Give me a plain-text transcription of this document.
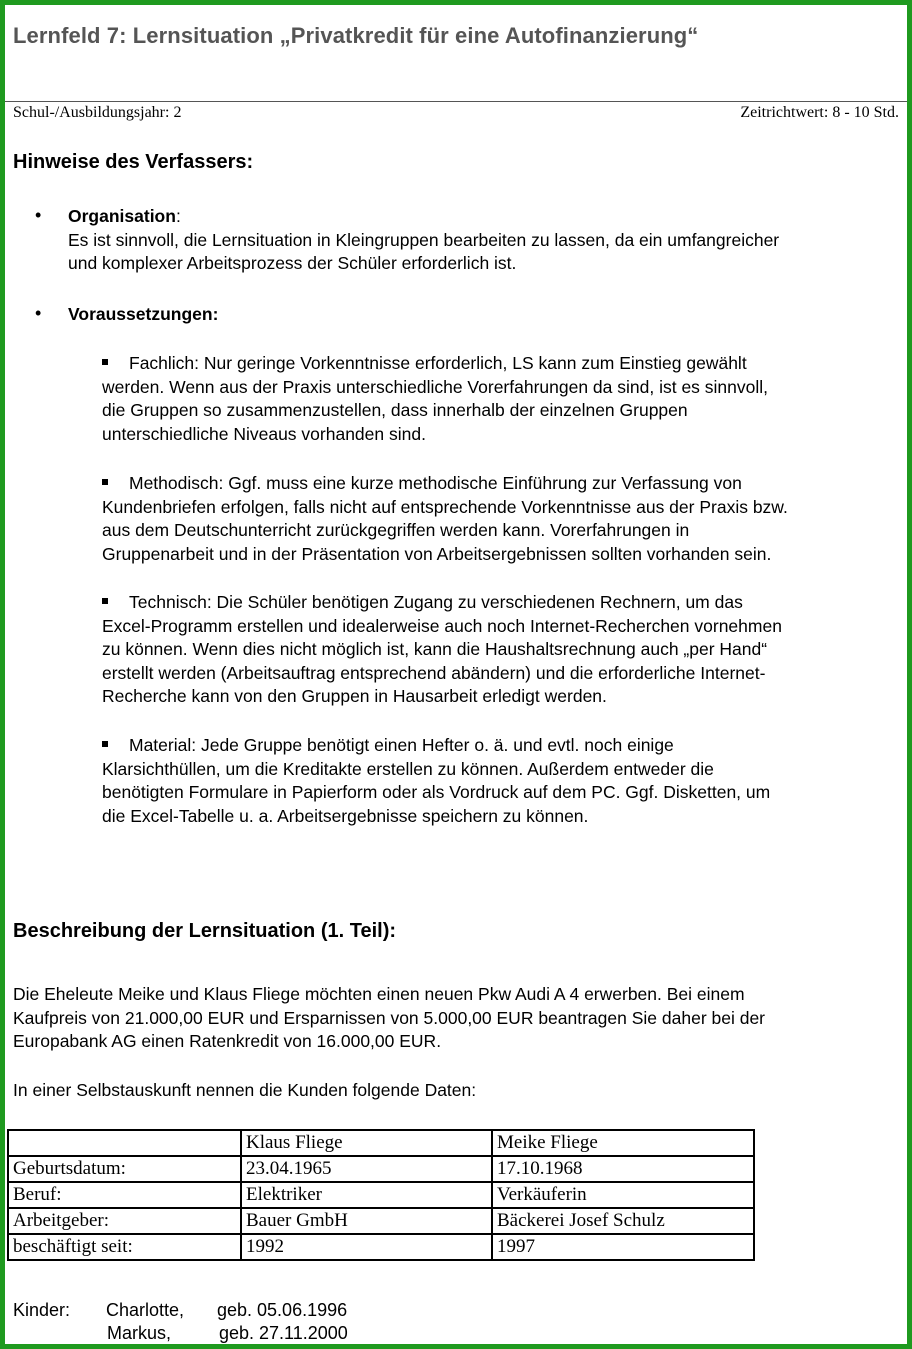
Lernfeld 7: Lernsituation „Privatkredit für eine Autofinanzierung“
Schul-/Ausbildungsjahr: 2	Zeitrichtwert: 8 - 10 Std.
Hinweise des Verfassers:
• Organisation:
Es ist sinnvoll, die Lernsituation in Kleingruppen bearbeiten zu lassen, da ein umfangreicher
und komplexer Arbeitsprozess der Schüler erforderlich ist.
• Voraussetzungen:
Fachlich: Nur geringe Vorkenntnisse erforderlich, LS kann zum Einstieg gewählt
werden. Wenn aus der Praxis unterschiedliche Vorerfahrungen da sind, ist es sinnvoll,
die Gruppen so zusammenzustellen, dass innerhalb der einzelnen Gruppen
unterschiedliche Niveaus vorhanden sind.
Methodisch: Ggf. muss eine kurze methodische Einführung zur Verfassung von
Kundenbriefen erfolgen, falls nicht auf entsprechende Vorkenntnisse aus der Praxis bzw.
aus dem Deutschunterricht zurückgegriffen werden kann. Vorerfahrungen in
Gruppenarbeit und in der Präsentation von Arbeitsergebnissen sollten vorhanden sein.
Technisch: Die Schüler benötigen Zugang zu verschiedenen Rechnern, um das
Excel-Programm erstellen und idealerweise auch noch Internet-Recherchen vornehmen
zu können. Wenn dies nicht möglich ist, kann die Haushaltsrechnung auch „per Hand“
erstellt werden (Arbeitsauftrag entsprechend abändern) und die erforderliche Internet-
Recherche kann von den Gruppen in Hausarbeit erledigt werden.
Material: Jede Gruppe benötigt einen Hefter o. ä. und evtl. noch einige
Klarsichthüllen, um die Kreditakte erstellen zu können. Außerdem entweder die
benötigten Formulare in Papierform oder als Vordruck auf dem PC. Ggf. Disketten, um
die Excel-Tabelle u. a. Arbeitsergebnisse speichern zu können.
Beschreibung der Lernsituation (1. Teil):
Die Eheleute Meike und Klaus Fliege möchten einen neuen Pkw Audi A 4 erwerben. Bei einem
Kaufpreis von 21.000,00 EUR und Ersparnissen von 5.000,00 EUR beantragen Sie daher bei der
Europabank AG einen Ratenkredit von 16.000,00 EUR.
In einer Selbstauskunft nennen die Kunden folgende Daten:
	Klaus Fliege	Meike Fliege
Geburtsdatum:	23.04.1965	17.10.1968
Beruf:	Elektriker	Verkäuferin
Arbeitgeber:	Bauer GmbH	Bäckerei Josef Schulz
beschäftigt seit:	1992	1997
Kinder: Charlotte, geb. 05.06.1996
Markus,	geb. 27.11.2000
